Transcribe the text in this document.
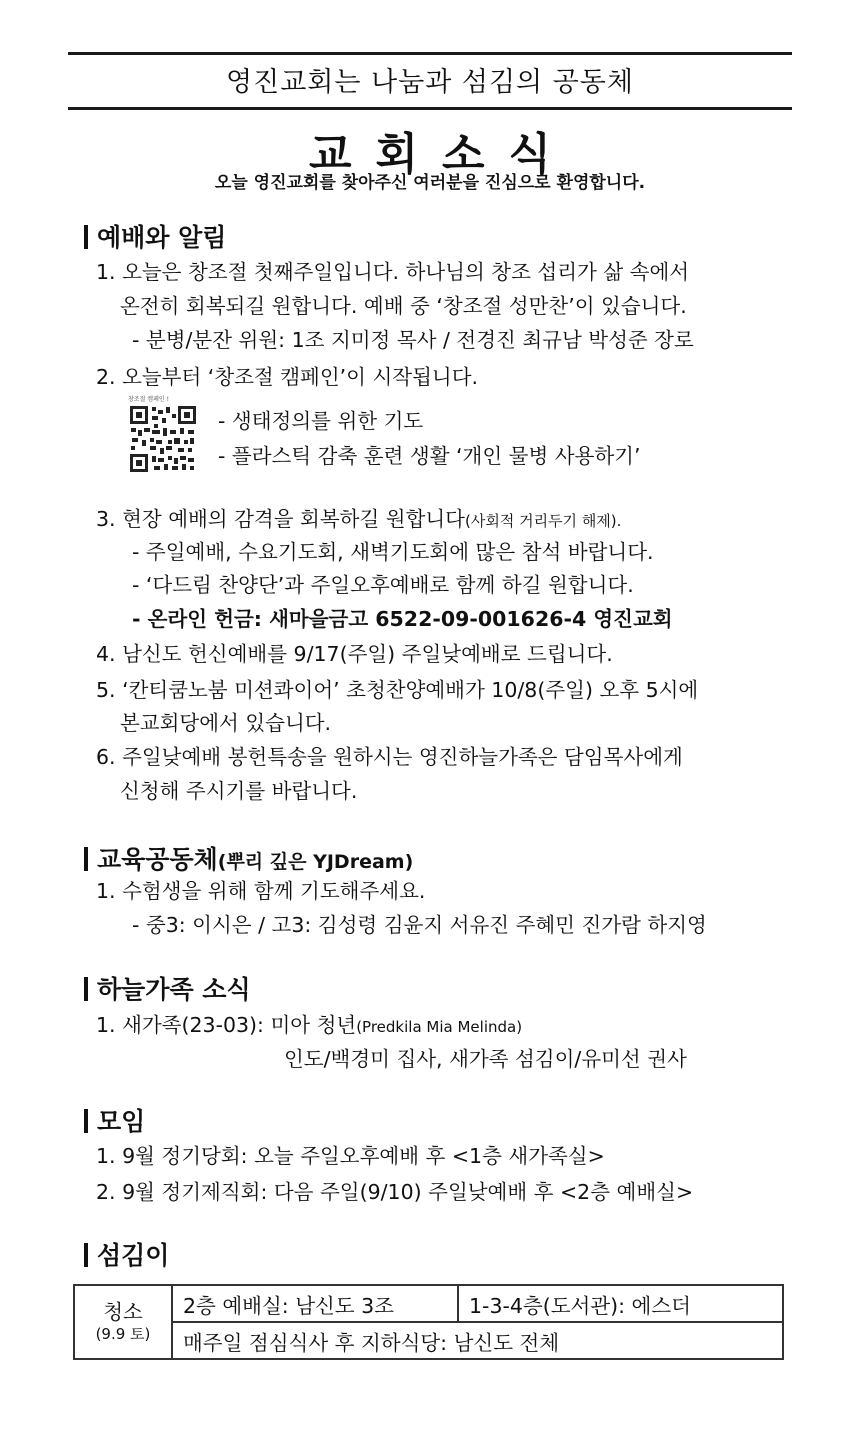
영진교회는 나눔과 섬김의 공동체
교회소식
오늘 영진교회를 찾아주신 여러분을 진심으로 환영합니다.
예배와 알림
1. 오늘은 창조절 첫째주일입니다. 하나님의 창조 섭리가 삶 속에서
온전히 회복되길 원합니다. 예배 중 ‘창조절 성만찬’이 있습니다.
- 분병/분잔 위원: 1조 지미정 목사 / 전경진 최규남 박성준 장로
2. 오늘부터 ‘창조절 캠페인’이 시작됩니다.
창조절 캠페인 !
- 생태정의를 위한 기도
- 플라스틱 감축 훈련 생활 ‘개인 물병 사용하기’
3. 현장 예배의 감격을 회복하길 원합니다(사회적 거리두기 해제).
- 주일예배, 수요기도회, 새벽기도회에 많은 참석 바랍니다.
- ‘다드림 찬양단’과 주일오후예배로 함께 하길 원합니다.
- 온라인 헌금: 새마을금고 6522-09-001626-4 영진교회
4. 남신도 헌신예배를 9/17(주일) 주일낮예배로 드립니다.
5. ‘칸티쿰노붐 미션콰이어’ 초청찬양예배가 10/8(주일) 오후 5시에
본교회당에서 있습니다.
6. 주일낮예배 봉헌특송을 원하시는 영진하늘가족은 담임목사에게
신청해 주시기를 바랍니다.
교육공동체(뿌리 깊은 YJDream)
1. 수험생을 위해 함께 기도해주세요.
- 중3: 이시은 / 고3: 김성령 김윤지 서유진 주혜민 진가람 하지영
하늘가족 소식
1. 새가족(23-03): 미아 청년(Predkila Mia Melinda)
인도/백경미 집사, 새가족 섬김이/유미선 권사
모임
1. 9월 정기당회: 오늘 주일오후예배 후 <1층 새가족실>
2. 9월 정기제직회: 다음 주일(9/10) 주일낮예배 후 <2층 예배실>
섬김이
청소
(9.9 토)
	2층 예배실: 남신도 3조	1-3-4층(도서관): 에스더
매주일 점심식사 후 지하식당: 남신도 전체
